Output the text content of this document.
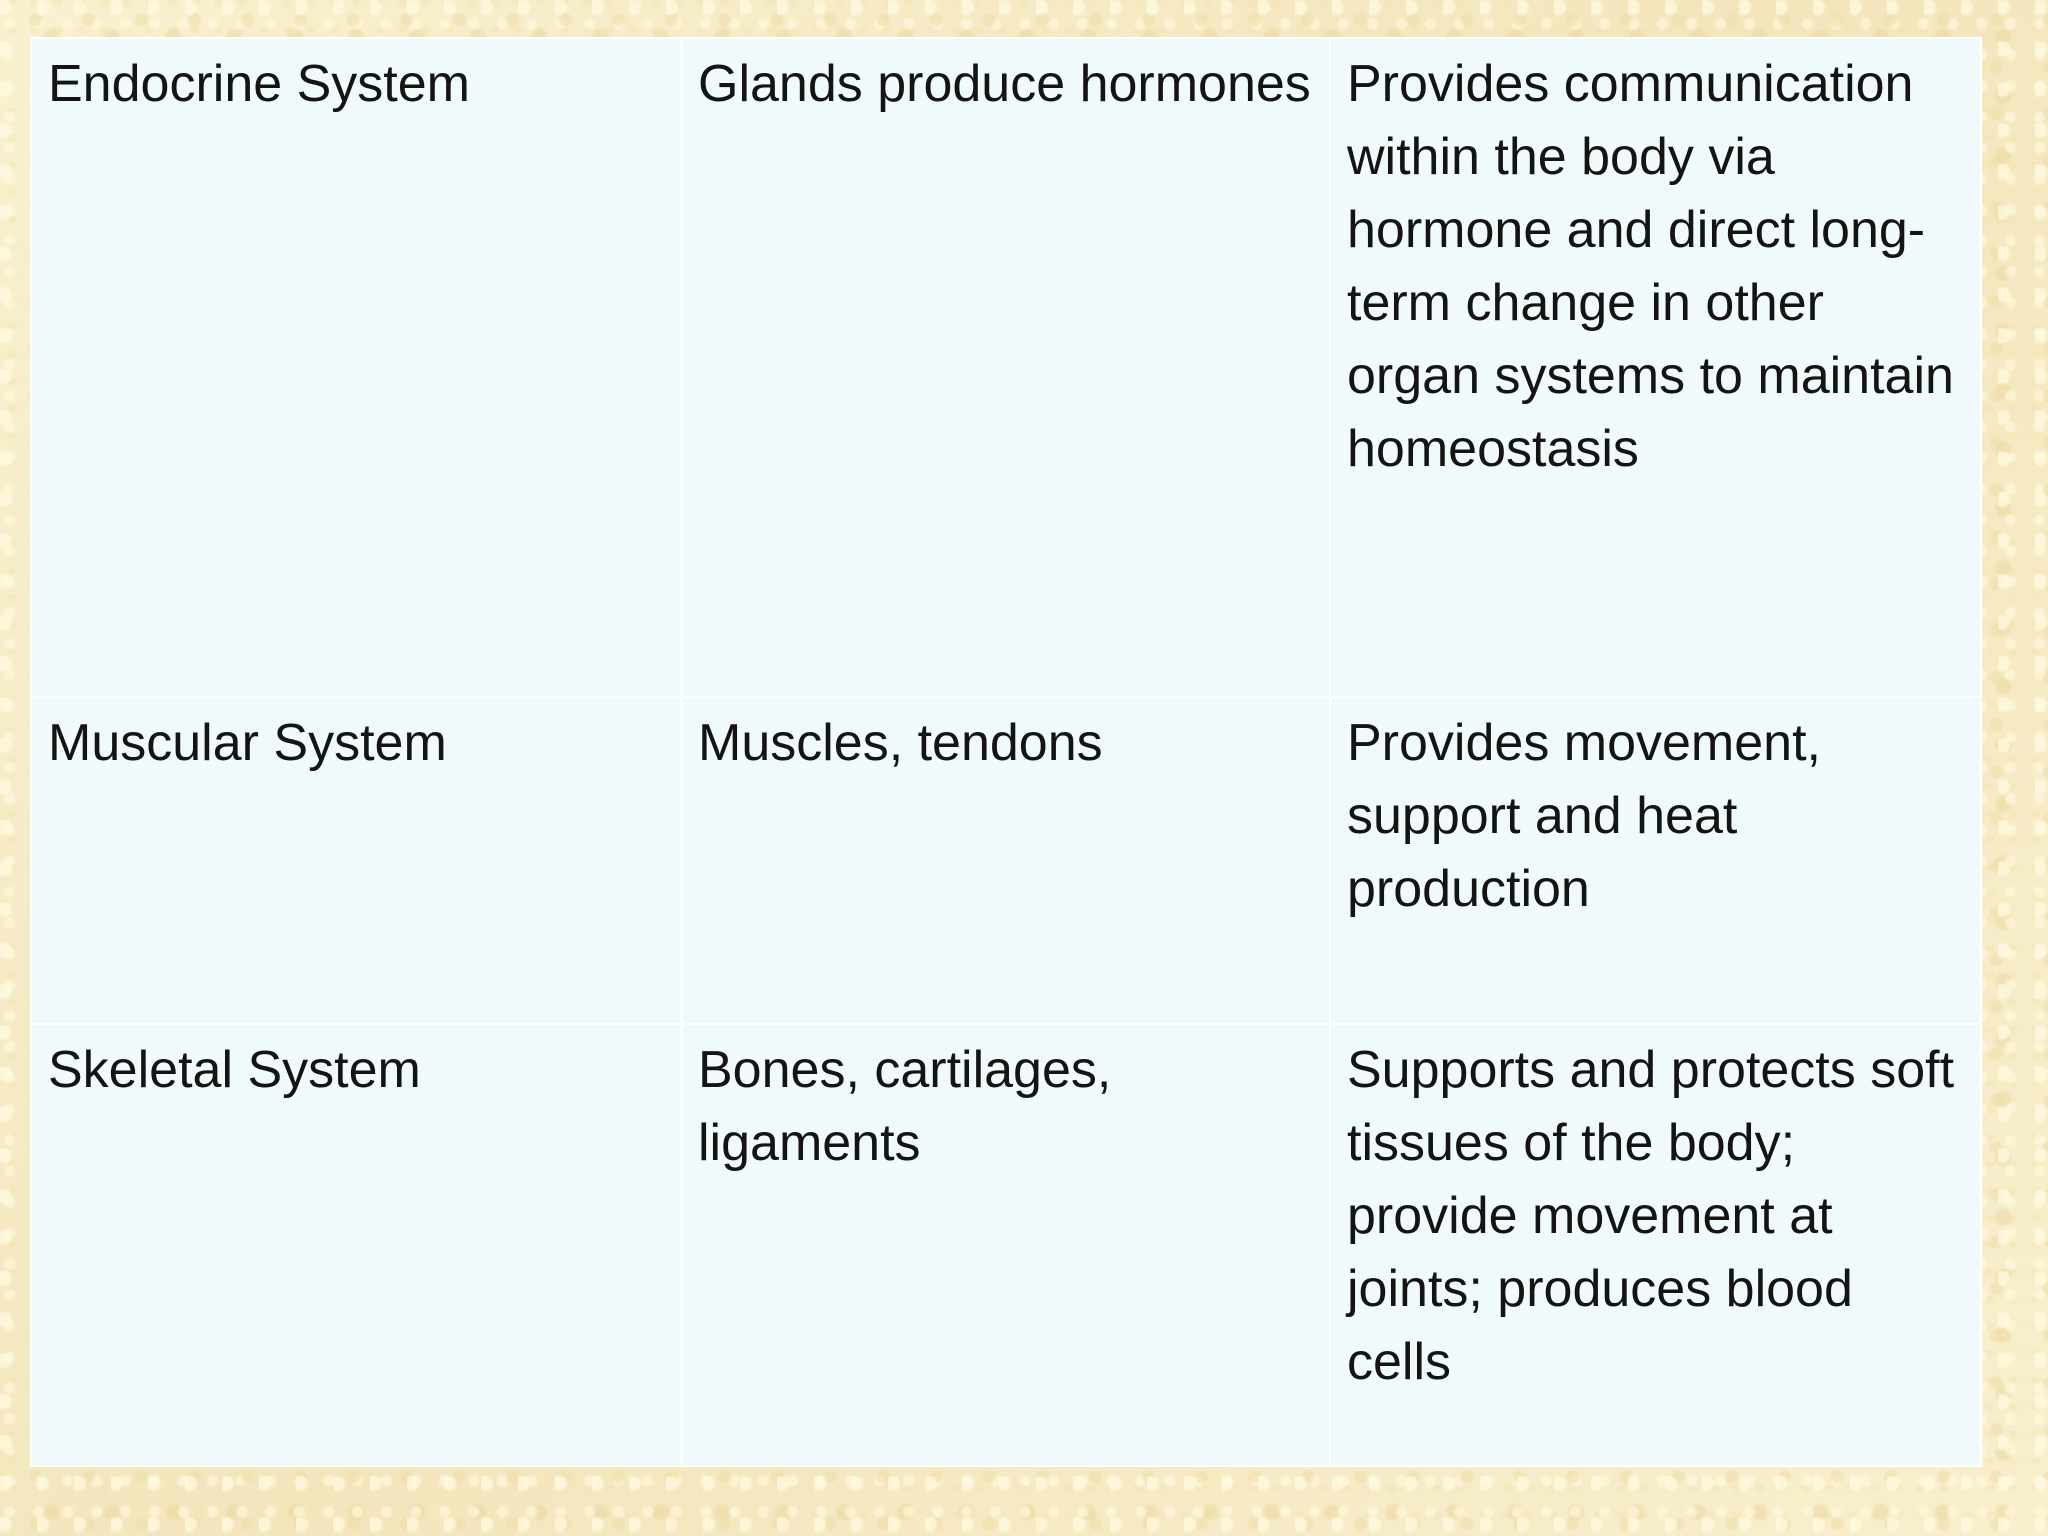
Endocrine System	Glands produce hormones	Provides communication within the body via hormone and direct long-term change in other organ systems to maintain homeostasis
Muscular System	Muscles, tendons	Provides movement, support and heat production
Skeletal System	Bones, cartilages, ligaments	Supports and protects soft tissues of the body; provide movement at joints; produces blood cells
